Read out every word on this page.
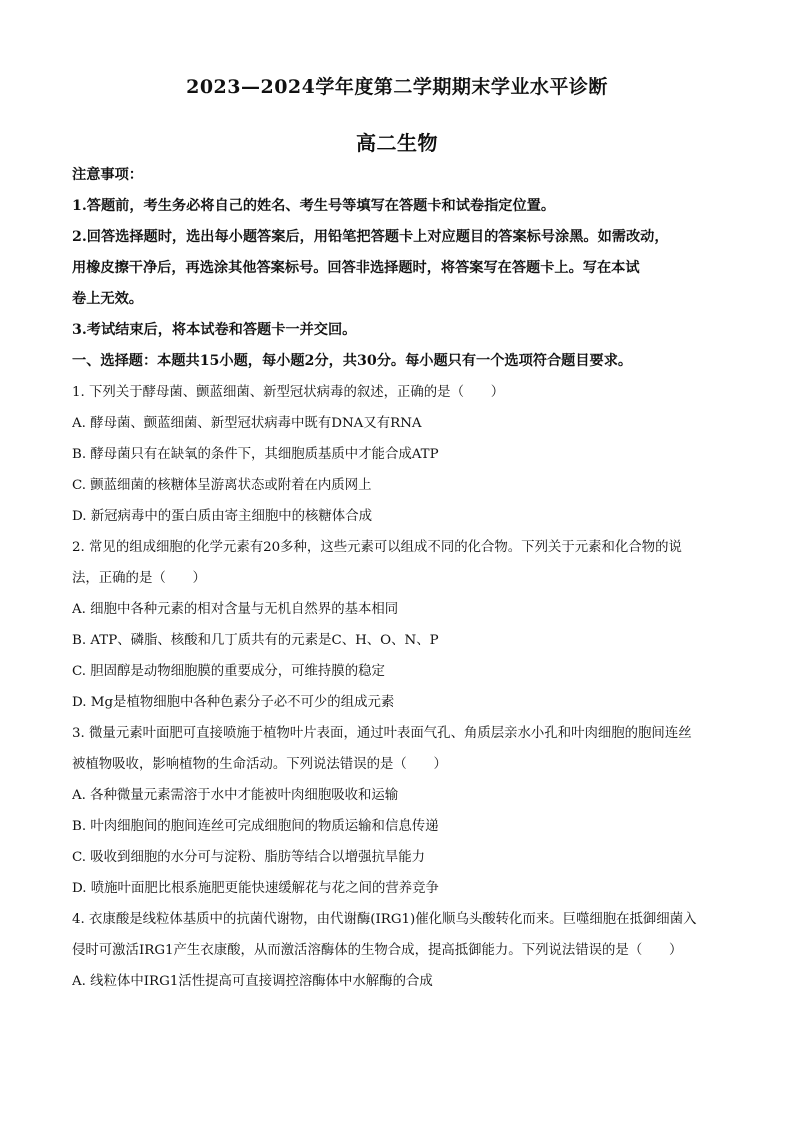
2023—2024学年度第二学期期末学业水平诊断
高二生物
注意事项：
1.答题前，考生务必将自己的姓名、考生号等填写在答题卡和试卷指定位置。
2.回答选择题时，选出每小题答案后，用铅笔把答题卡上对应题目的答案标号涂黑。如需改动，
用橡皮擦干净后，再选涂其他答案标号。回答非选择题时，将答案写在答题卡上。写在本试
卷上无效。
3.考试结束后，将本试卷和答题卡一并交回。
一、选择题：本题共15小题，每小题2分，共30分。每小题只有一个选项符合题目要求。
1. 下列关于酵母菌、颤蓝细菌、新型冠状病毒的叙述，正确的是（　　）
A. 酵母菌、颤蓝细菌、新型冠状病毒中既有DNA又有RNA
B. 酵母菌只有在缺氧的条件下，其细胞质基质中才能合成ATP
C. 颤蓝细菌的核糖体呈游离状态或附着在内质网上
D. 新冠病毒中的蛋白质由寄主细胞中的核糖体合成
2. 常见的组成细胞的化学元素有20多种，这些元素可以组成不同的化合物。下列关于元素和化合物的说
法，正确的是（　　）
A. 细胞中各种元素的相对含量与无机自然界的基本相同
B. ATP、磷脂、核酸和几丁质共有的元素是C、H、O、N、P
C. 胆固醇是动物细胞膜的重要成分，可维持膜的稳定
D. Mg是植物细胞中各种色素分子必不可少的组成元素
3. 微量元素叶面肥可直接喷施于植物叶片表面，通过叶表面气孔、角质层亲水小孔和叶肉细胞的胞间连丝
被植物吸收，影响植物的生命活动。下列说法错误的是（　　）
A. 各种微量元素需溶于水中才能被叶肉细胞吸收和运输
B. 叶肉细胞间的胞间连丝可完成细胞间的物质运输和信息传递
C. 吸收到细胞的水分可与淀粉、脂肪等结合以增强抗旱能力
D. 喷施叶面肥比根系施肥更能快速缓解花与花之间的营养竞争
4. 衣康酸是线粒体基质中的抗菌代谢物，由代谢酶(IRG1)催化顺乌头酸转化而来。巨噬细胞在抵御细菌入
侵时可激活IRG1产生衣康酸，从而激活溶酶体的生物合成，提高抵御能力。下列说法错误的是（　　）
A. 线粒体中IRG1活性提高可直接调控溶酶体中水解酶的合成
